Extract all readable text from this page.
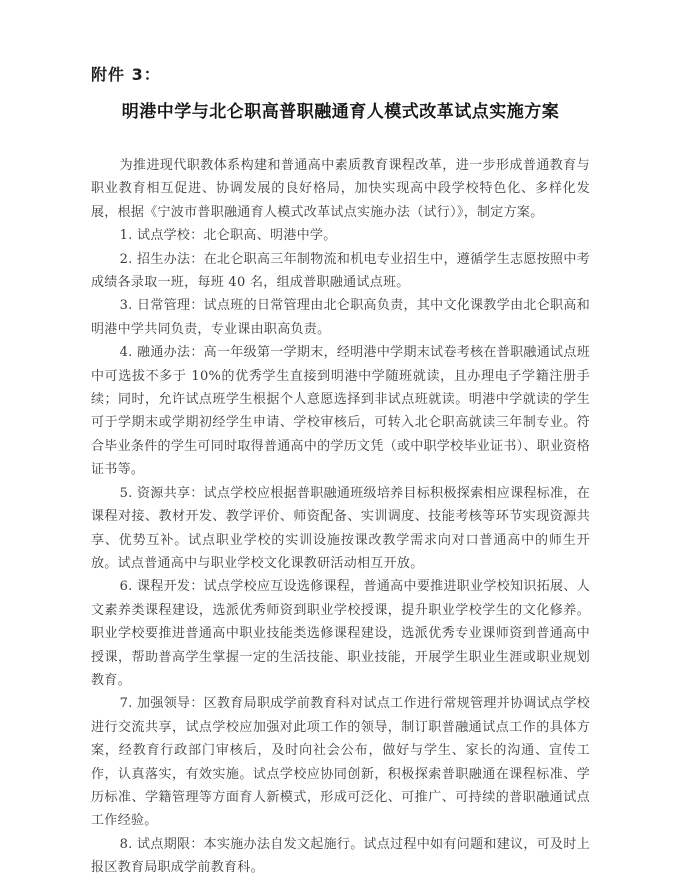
附件 3：
明港中学与北仑职高普职融通育人模式改革试点实施方案

为推进现代职教体系构建和普通高中素质教育课程改革，进一步形成普通教育与职业教育相互促进、协调发展的良好格局，加快实现高中段学校特色化、多样化发展，根据《宁波市普职融通育人模式改革试点实施办法（试行）》，制定方案。

1. 试点学校：北仑职高、明港中学。

2. 招生办法：在北仑职高三年制物流和机电专业招生中，遵循学生志愿按照中考成绩各录取一班，每班 40 名，组成普职融通试点班。

3. 日常管理：试点班的日常管理由北仑职高负责，其中文化课教学由北仑职高和明港中学共同负责，专业课由职高负责。

4. 融通办法：高一年级第一学期末，经明港中学期末试卷考核在普职融通试点班中可选拔不多于 10%的优秀学生直接到明港中学随班就读，且办理电子学籍注册手续；同时，允许试点班学生根据个人意愿选择到非试点班就读。明港中学就读的学生可于学期末或学期初经学生申请、学校审核后，可转入北仑职高就读三年制专业。符合毕业条件的学生可同时取得普通高中的学历文凭（或中职学校毕业证书）、职业资格证书等。

5. 资源共享：试点学校应根据普职融通班级培养目标积极探索相应课程标准，在课程对接、教材开发、教学评价、师资配备、实训调度、技能考核等环节实现资源共享、优势互补。试点职业学校的实训设施按课改教学需求向对口普通高中的师生开放。试点普通高中与职业学校文化课教研活动相互开放。

6. 课程开发：试点学校应互设选修课程，普通高中要推进职业学校知识拓展、人文素养类课程建设，选派优秀师资到职业学校授课，提升职业学校学生的文化修养。职业学校要推进普通高中职业技能类选修课程建设，选派优秀专业课师资到普通高中授课，帮助普高学生掌握一定的生活技能、职业技能，开展学生职业生涯或职业规划教育。

7. 加强领导：区教育局职成学前教育科对试点工作进行常规管理并协调试点学校进行交流共享，试点学校应加强对此项工作的领导，制订职普融通试点工作的具体方案，经教育行政部门审核后，及时向社会公布，做好与学生、家长的沟通、宣传工作，认真落实，有效实施。试点学校应协同创新，积极探索普职融通在课程标准、学历标准、学籍管理等方面育人新模式，形成可泛化、可推广、可持续的普职融通试点工作经验。

8. 试点期限：本实施办法自发文起施行。试点过程中如有问题和建议，可及时上报区教育局职成学前教育科。
